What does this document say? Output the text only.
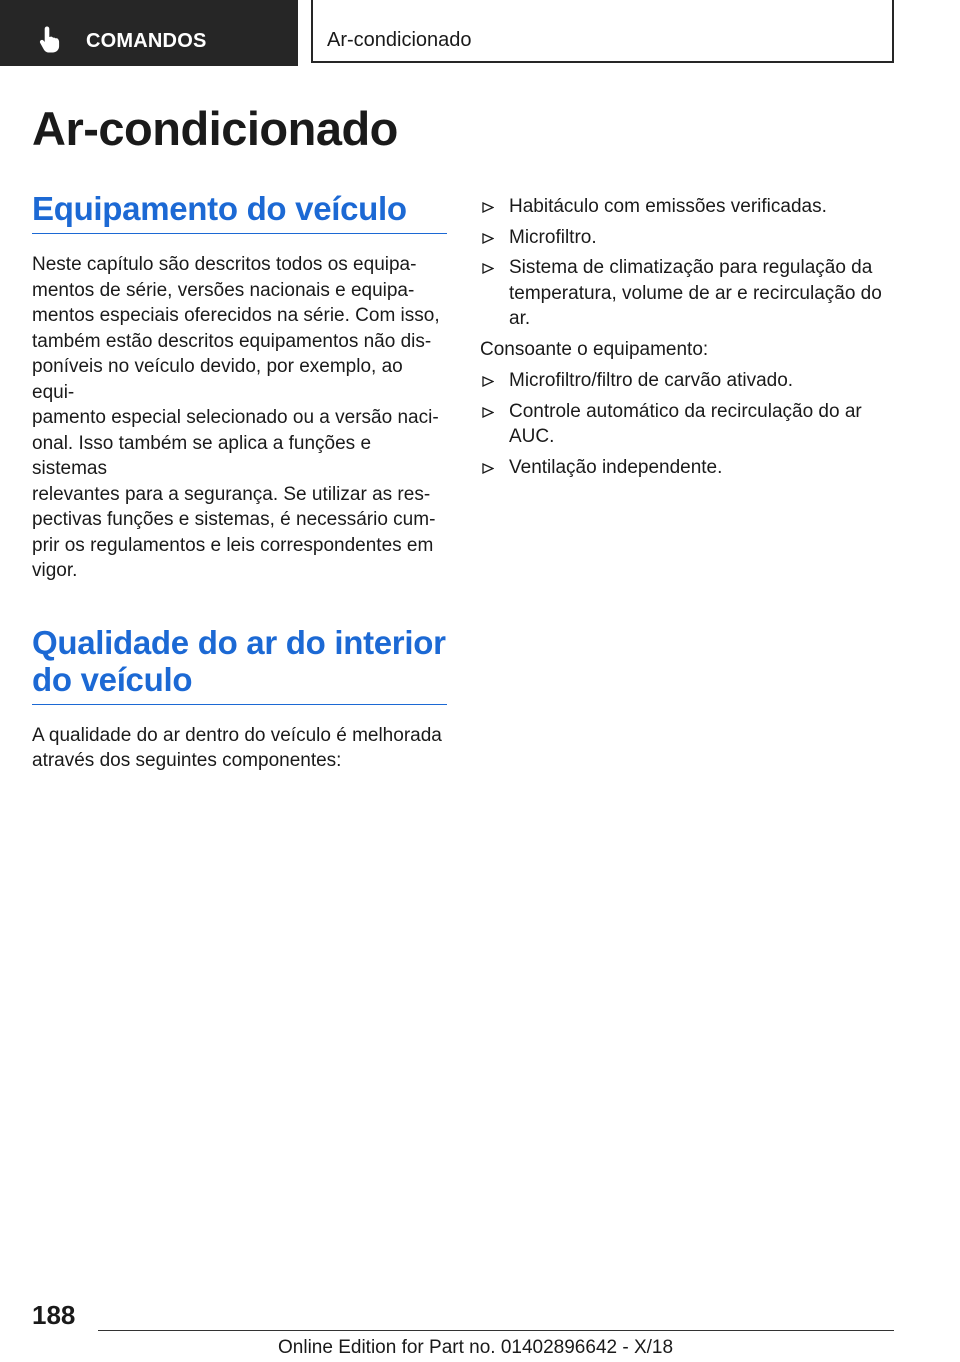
COMANDOS	Ar-condicionado
Ar-condicionado
Equipamento do veículo

Neste capítulo são descritos todos os equipa-
mentos de série, versões nacionais e equipa-
mentos especiais oferecidos na série. Com isso,
também estão descritos equipamentos não dis-
poníveis no veículo devido, por exemplo, ao equi-
pamento especial selecionado ou a versão naci-
onal. Isso também se aplica a funções e sistemas
relevantes para a segurança. Se utilizar as res-
pectivas funções e sistemas, é necessário cum-
prir os regulamentos e leis correspondentes em
vigor.

Qualidade do ar do interior
do veículo

A qualidade do ar dentro do veículo é melhorada
através dos seguintes componentes:

Habitáculo com emissões verificadas.
Microfiltro.
Sistema de climatização para regulação da
temperatura, volume de ar e recirculação do
ar.

Consoante o equipamento:

Microfiltro/filtro de carvão ativado.
Controle automático da recirculação do ar
AUC.
Ventilação independente.
188
Online Edition for Part no. 01402896642 - X/18
